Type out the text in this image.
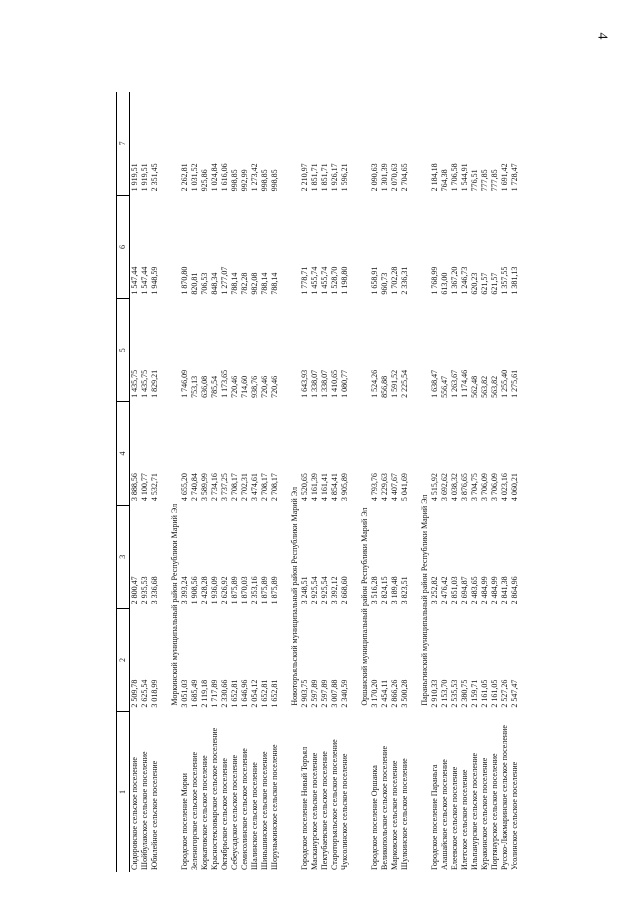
4
1	2	3	4	5	6	7
Сидоровское сельское поселение	2 509,78	2 800,47	3 888,56	1 435,75	1 547,44	1 919,51
Шойбулакское сельское поселение	2 625,54	2 935,53	4 100,77	1 435,75	1 547,44	1 919,51
Юбилейное сельское поселение	3 018,99	3 336,68	4 532,71	1 829,21	1 948,59	2 351,45

	Моркинский муниципальный район Республики Марий Эл					
Городское поселение Морки	3 051,03	3 393,24	4 655,20	1 746,09	1 870,80	2 262,81
Зеленогорское сельское поселение	1 685,49	1 908,56	2 740,84	753,13	820,81	1 031,52
Коркатовское сельское поселение	2 119,18	2 428,28	3 589,99	636,08	706,53	925,86
Красностекловарское сельское поселение	1 717,89	1 936,09	2 734,16	785,54	848,34	1 024,84
Октябрьское сельское поселение	2 330,66	2 626,92	3 737,25	1 173,65	1 277,07	1 616,06
Себеусадское сельское поселение	1 652,81	1 875,89	2 708,17	720,46	788,14	998,85
Семисолинское сельское поселение	1 646,96	1 870,03	2 702,31	714,60	782,28	992,99
Шалинское сельское поселение	2 054,12	2 353,16	3 474,61	938,76	982,08	1 273,42
Шиньшинское сельское поселение	1 652,81	1 875,89	2 708,17	720,46	788,14	998,85
Шоруньжинское сельское поселение	1 652,81	1 875,89	2 708,17	720,46	788,14	998,85

	Новоторъяльский муниципальный район Республики Марий Эл					
Городское поселение Новый Торъял	2 903,75	3 248,51	4 520,65	1 643,93	1 778,71	2 210,97
Масканурское сельское поселение	2 597,89	2 925,54	4 161,39	1 338,07	1 455,74	1 851,71
Пектубаевское сельское поселение	2 597,89	2 925,54	4 161,41	1 338,07	1 455,74	1 851,71
Староторъяльское сельское поселение	3 007,88	3 392,12	4 854,41	1 410,65	1 528,70	1 926,17
Чуксолинское сельское поселение	2 340,59	2 668,60	3 905,89	1 080,77	1 198,80	1 596,21

	Оршанский муниципальный район Республики Марий Эл					
Городское поселение Оршанка	3 170,20	3 516,28	4 793,76	1 524,26	1 658,91	2 090,63
Великопольское сельское поселение	2 454,11	2 824,15	4 229,63	856,88	960,73	1 301,39
Марковское сельское поселение	2 866,26	3 189,48	4 407,67	1 591,52	1 702,28	2 070,63
Шулкинское сельское поселение	3 500,28	3 823,51	5 041,69	2 225,54	2 336,31	2 704,65

	Параньгинский муниципальный район Республики Марий Эл					
Городское поселение Параньга	2 910,33	3 252,82	4 515,92	1 638,47	1 768,99	2 184,18
Алашайское сельское поселение	2 153,70	2 476,42	3 692,62	556,47	613,00	764,38
Елеевское сельское поселение	2 535,53	2 851,03	4 038,32	1 263,67	1 367,20	1 706,58
Илетское сельское поселение	2 380,75	2 694,87	3 876,65	1 174,46	1 246,73	1 544,91
Ильпанурское сельское поселение	2 159,71	2 483,65	3 704,75	562,48	620,23	776,51
Куракинское сельское поселение	2 161,05	2 484,99	3 706,09	563,82	621,57	777,85
Портянурское сельское поселение	2 161,05	2 484,99	3 706,09	563,82	621,57	777,85
Русско-Ляжмаринское сельское поселение	2 527,26	2 841,38	4 023,16	1 255,40	1 357,55	1 691,42
Усолинское сельское поселение	2 547,47	2 864,96	4 060,21	1 275,61	1 381,13	1 728,47
